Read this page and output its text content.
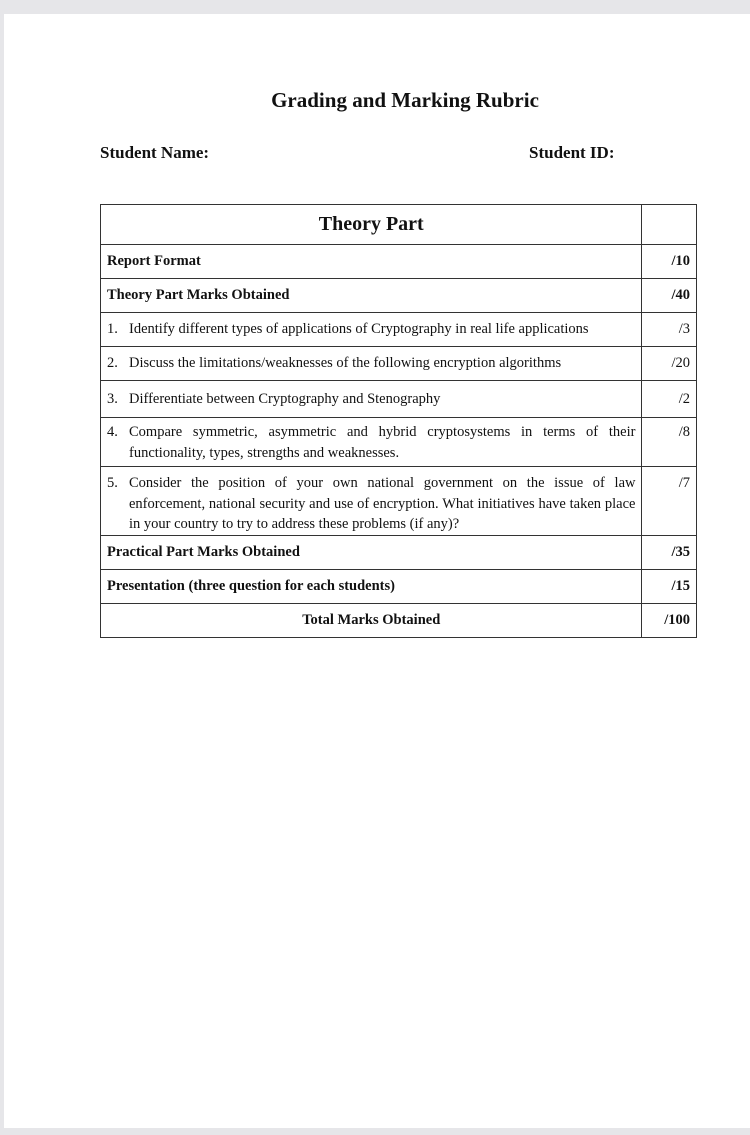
Grading and Marking Rubric
Student Name:	Student ID:
Theory Part	
Report Format	/10
Theory Part Marks Obtained	/40

1. Identify different types of applications of Cryptography in real life applications	/3

2. Discuss the limitations/weaknesses of the following encryption algorithms	/20

3. Differentiate between Cryptography and Stenography	/2

4. Compare symmetric, asymmetric and hybrid cryptosystems in terms of their functionality, types, strengths and weaknesses.	/8

5. Consider the position of your own national government on the issue of law enforcement, national security and use of encryption. What initiatives have taken place in your country to try to address these problems (if any)?	/7
Practical Part Marks Obtained	/35
Presentation (three question for each students)	/15
Total Marks Obtained	/100
